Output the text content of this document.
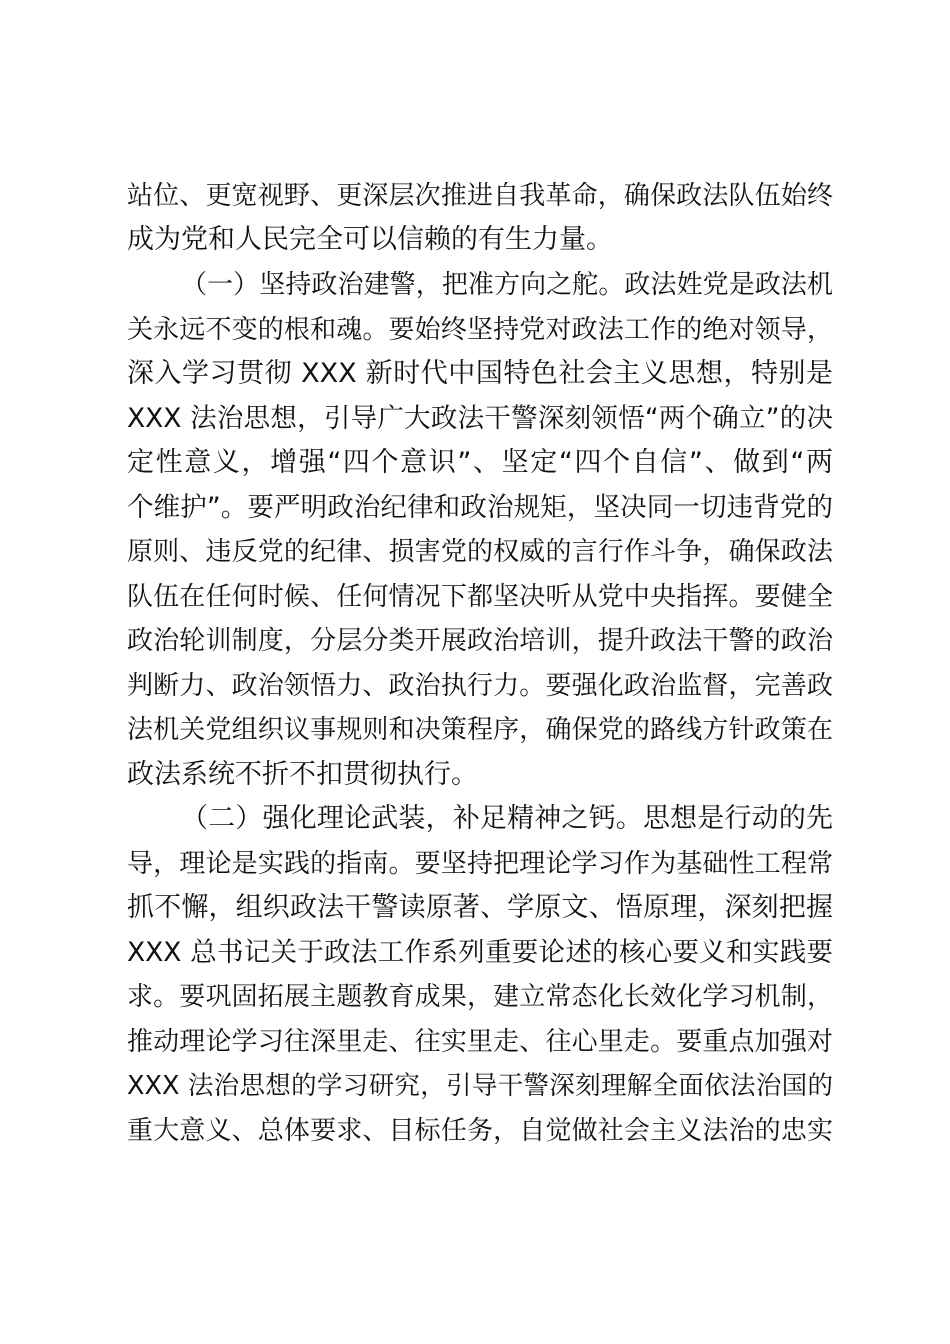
站位、更宽视野、更深层次推进自我革命，确保政法队伍始终
成为党和人民完全可以信赖的有生力量。
（一）坚持政治建警，把准方向之舵。政法姓党是政法机
关永远不变的根和魂。要始终坚持党对政法工作的绝对领导，
深入学习贯彻 XXX 新时代中国特色社会主义思想，特别是
XXX 法治思想，引导广大政法干警深刻领悟“两个确立”的决
定性意义，增强“四个意识”、坚定“四个自信”、做到“两
个维护”。要严明政治纪律和政治规矩，坚决同一切违背党的
原则、违反党的纪律、损害党的权威的言行作斗争，确保政法
队伍在任何时候、任何情况下都坚决听从党中央指挥。要健全
政治轮训制度，分层分类开展政治培训，提升政法干警的政治
判断力、政治领悟力、政治执行力。要强化政治监督，完善政
法机关党组织议事规则和决策程序，确保党的路线方针政策在
政法系统不折不扣贯彻执行。
（二）强化理论武装，补足精神之钙。思想是行动的先
导，理论是实践的指南。要坚持把理论学习作为基础性工程常
抓不懈，组织政法干警读原著、学原文、悟原理，深刻把握
XXX 总书记关于政法工作系列重要论述的核心要义和实践要
求。要巩固拓展主题教育成果，建立常态化长效化学习机制，
推动理论学习往深里走、往实里走、往心里走。要重点加强对
XXX 法治思想的学习研究，引导干警深刻理解全面依法治国的
重大意义、总体要求、目标任务，自觉做社会主义法治的忠实
